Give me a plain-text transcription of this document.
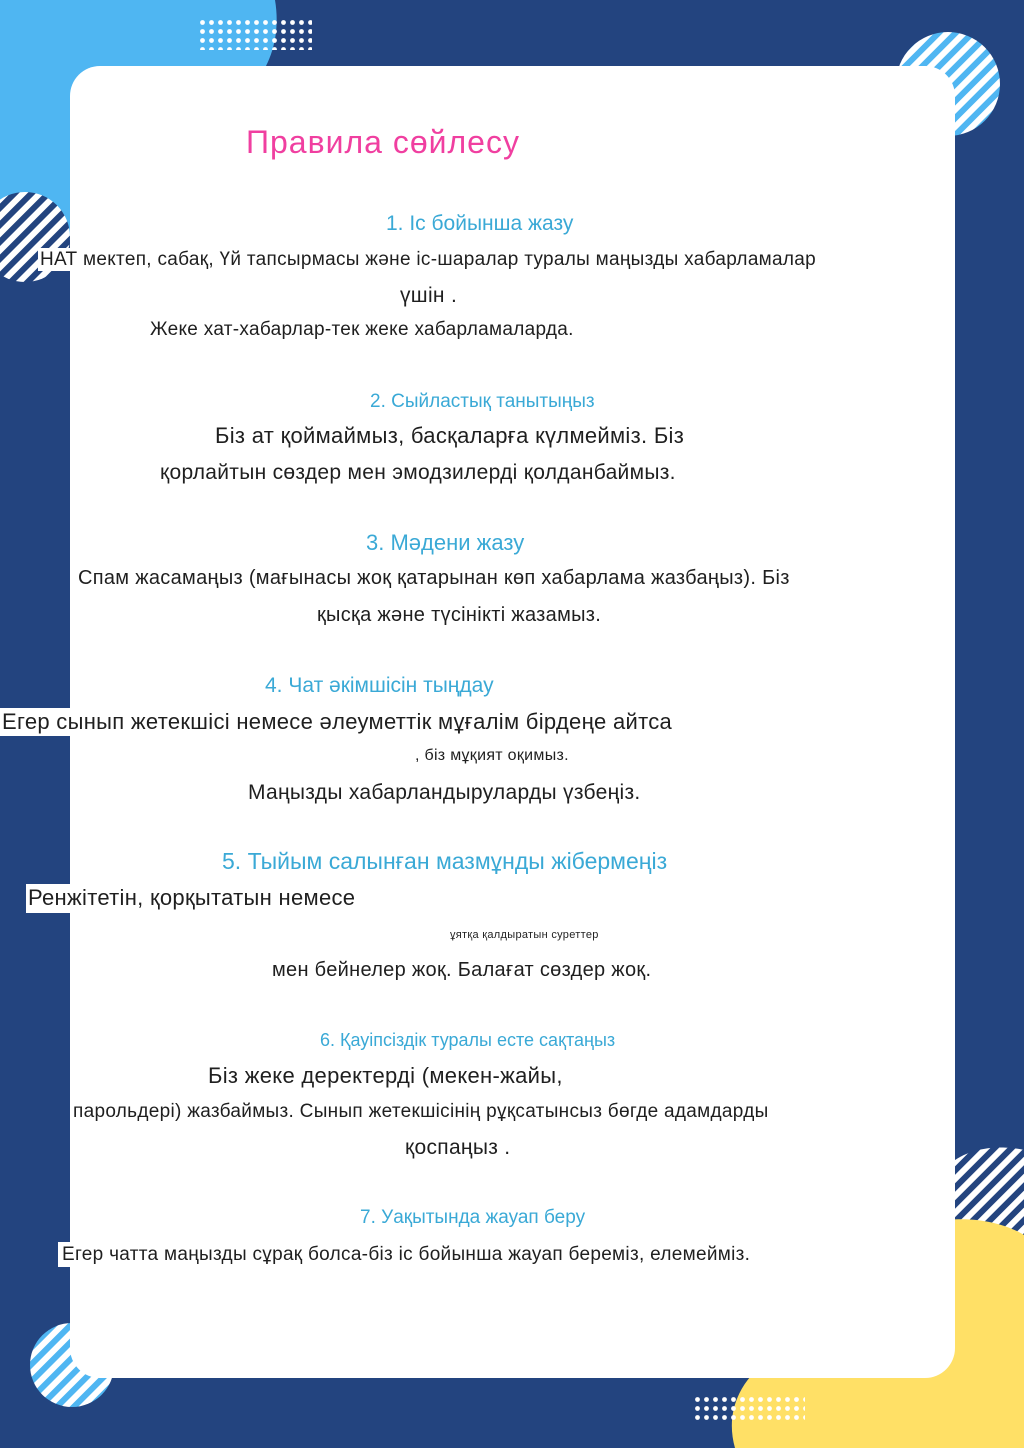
Правила сөйлесу
1. Іс бойынша жазу
НАТ мектеп, сабақ, Үй тапсырмасы және іс-шаралар туралы маңызды хабарламалар
үшін .
Жеке хат-хабарлар-тек жеке хабарламаларда.
2. Сыйластық танытыңыз
Біз ат қоймаймыз, басқаларға күлмейміз. Біз
қорлайтын сөздер мен эмодзилерді қолданбаймыз.
3. Мәдени жазу
Спам жасамаңыз (мағынасы жоқ қатарынан көп хабарлама жазбаңыз). Біз
қысқа және түсінікті жазамыз.
4. Чат әкімшісін тыңдау
Егер сынып жетекшісі немесе әлеуметтік мұғалім бірдеңе айтса
, біз мұқият оқимыз.
Маңызды хабарландыруларды үзбеңіз.
5. Тыйым салынған мазмұнды жібермеңіз
Ренжітетін, қорқытатын немесе
ұятқа қалдыратын суреттер
мен бейнелер жоқ. Балағат сөздер жоқ.
6. Қауіпсіздік туралы есте сақтаңыз
Біз жеке деректерді (мекен-жайы,
парольдері) жазбаймыз. Сынып жетекшісінің рұқсатынсыз бөгде адамдарды
қоспаңыз .
7. Уақытында жауап беру
Егер чатта маңызды сұрақ болса-біз іс бойынша жауап береміз, елемейміз.
